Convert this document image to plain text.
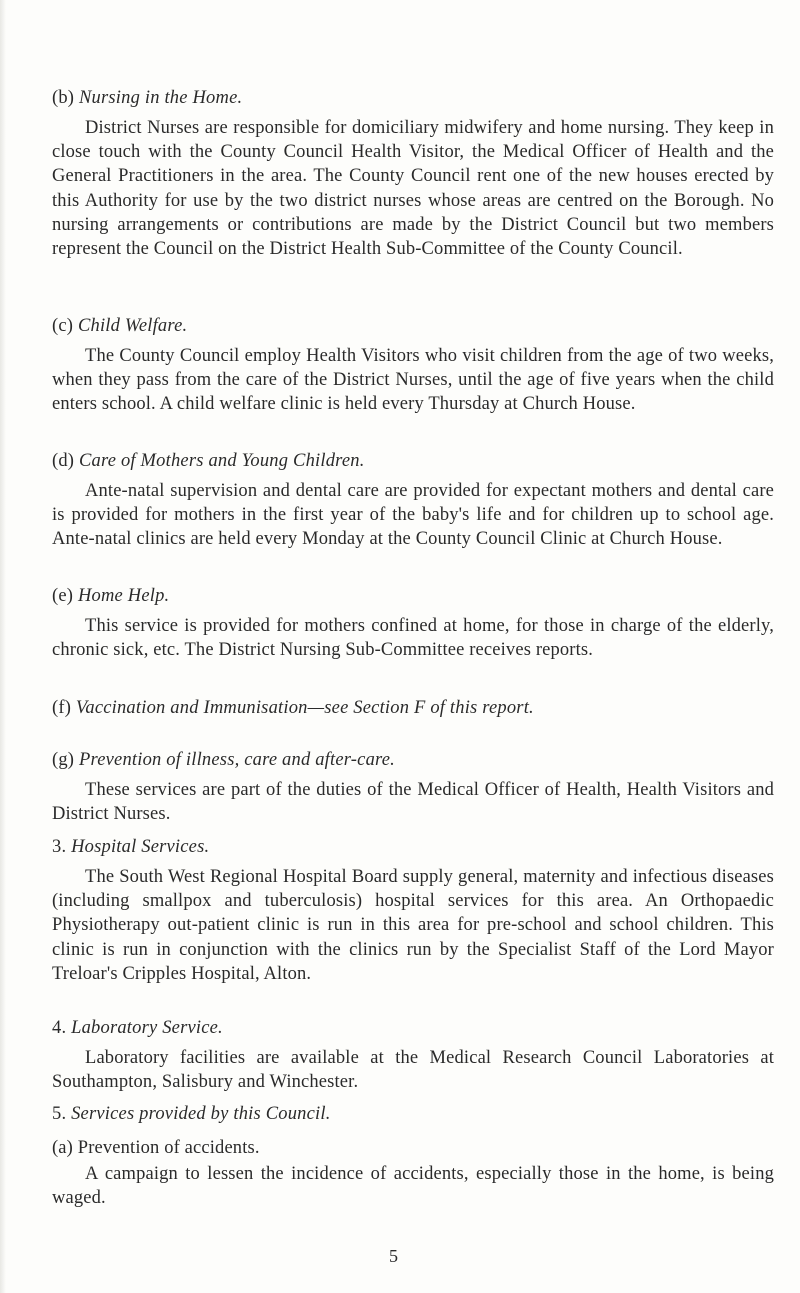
(b) Nursing in the Home.
District Nurses are responsible for domiciliary midwifery and home nursing. They keep in close touch with the County Council Health Visitor, the Medical Officer of Health and the General Practitioners in the area. The County Council rent one of the new houses erected by this Authority for use by the two district nurses whose areas are centred on the Borough. No nursing arrangements or contributions are made by the District Council but two members represent the Council on the District Health Sub-Committee of the County Council.
(c) Child Welfare.
The County Council employ Health Visitors who visit children from the age of two weeks, when they pass from the care of the District Nurses, until the age of five years when the child enters school. A child welfare clinic is held every Thursday at Church House.
(d) Care of Mothers and Young Children.
Ante-natal supervision and dental care are provided for expectant mothers and dental care is provided for mothers in the first year of the baby's life and for children up to school age. Ante-natal clinics are held every Monday at the County Council Clinic at Church House.
(e) Home Help.
This service is provided for mothers confined at home, for those in charge of the elderly, chronic sick, etc. The District Nursing Sub-Committee receives reports.
(f) Vaccination and Immunisation—see Section F of this report.
(g) Prevention of illness, care and after-care.
These services are part of the duties of the Medical Officer of Health, Health Visitors and District Nurses.
3. Hospital Services.
The South West Regional Hospital Board supply general, maternity and infectious diseases (including smallpox and tuberculosis) hospital services for this area. An Orthopaedic Physiotherapy out-patient clinic is run in this area for pre-school and school children. This clinic is run in conjunction with the clinics run by the Specialist Staff of the Lord Mayor Treloar's Cripples Hospital, Alton.
4. Laboratory Service.
Laboratory facilities are available at the Medical Research Council Laboratories at Southampton, Salisbury and Winchester.
5. Services provided by this Council.
(a) Prevention of accidents.
A campaign to lessen the incidence of accidents, especially those in the home, is being waged.
5
